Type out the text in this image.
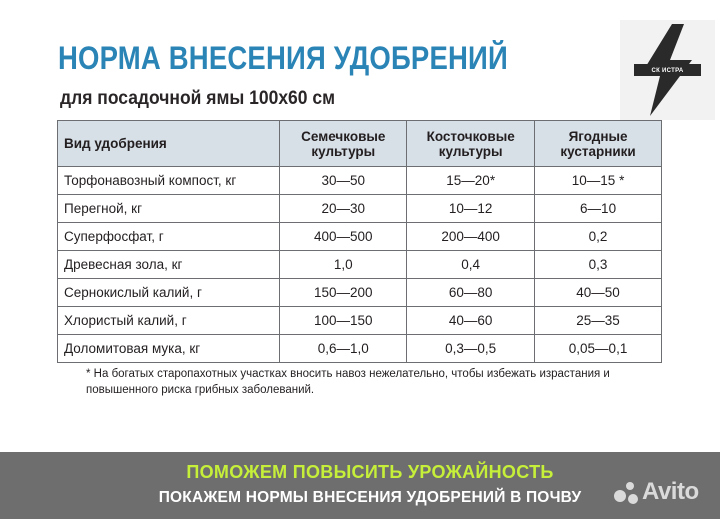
НОРМА ВНЕСЕНИЯ УДОБРЕНИЙ
для посадочной ямы 100х60 см
СК ИСТРА
Вид удобрения	Семечковые культуры	Косточковые культуры	Ягодные кустарники
Торфонавозный компост, кг	30—50	15—20*	10—15 *
Перегной, кг	20—30	10—12	6—10
Суперфосфат, г	400—500	200—400	0,2
Древесная зола, кг	1,0	0,4	0,3
Сернокислый калий, г	150—200	60—80	40—50
Хлористый калий, г	100—150	40—60	25—35
Доломитовая мука, кг	0,6—1,0	0,3—0,5	0,05—0,1
* На богатых старопахотных участках вносить навоз нежелательно, чтобы избежать израстания и повышенного риска грибных заболеваний.
ПОМОЖЕМ ПОВЫСИТЬ УРОЖАЙНОСТЬ
ПОКАЖЕМ НОРМЫ ВНЕСЕНИЯ УДОБРЕНИЙ В ПОЧВУ	Avito
